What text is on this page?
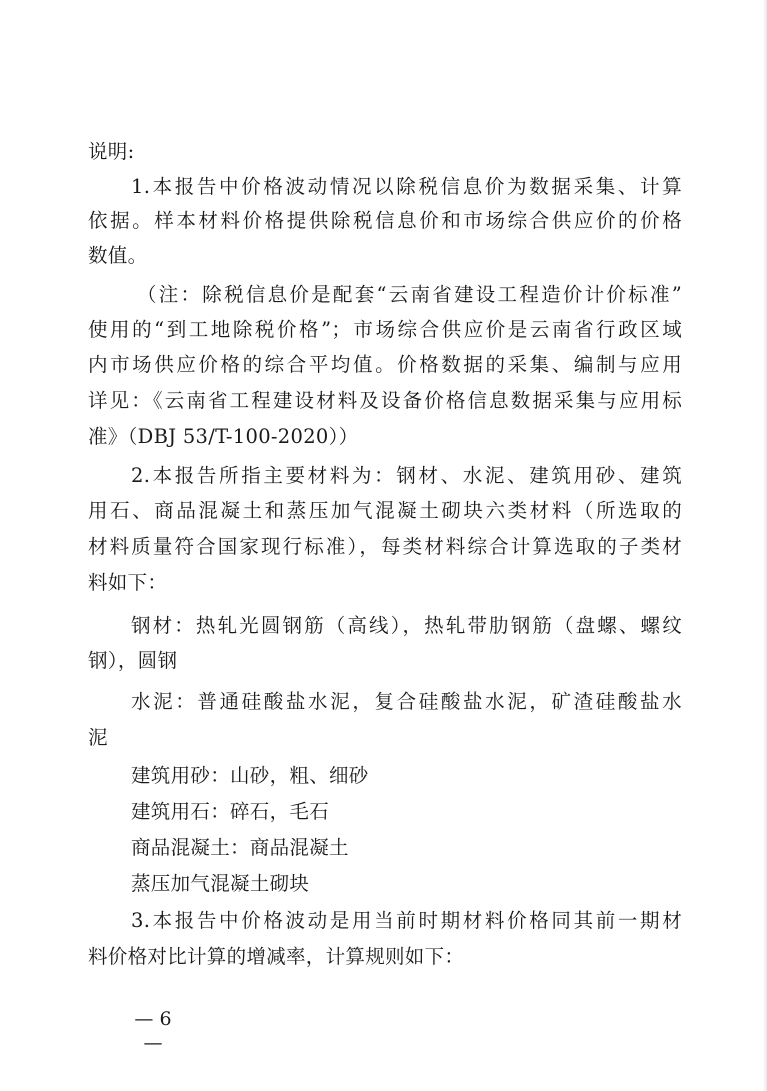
说明:
1.本报告中价格波动情况以除税信息价为数据采集、计算
依据。样本材料价格提供除税信息价和市场综合供应价的价格
数值。
（注：除税信息价是配套“云南省建设工程造价计价标准”
使用的“到工地除税价格”；市场综合供应价是云南省行政区域
内市场供应价格的综合平均值。价格数据的采集、编制与应用
详见：《云南省工程建设材料及设备价格信息数据采集与应用标
准》（DBJ 53/T-100-2020））
2.本报告所指主要材料为：钢材、水泥、建筑用砂、建筑
用石、商品混凝土和蒸压加气混凝土砌块六类材料（所选取的
材料质量符合国家现行标准），每类材料综合计算选取的子类材
料如下：
钢材：热轧光圆钢筋（高线），热轧带肋钢筋（盘螺、螺纹
钢），圆钢
水泥：普通硅酸盐水泥，复合硅酸盐水泥，矿渣硅酸盐水
泥
建筑用砂：山砂，粗、细砂
建筑用石：碎石，毛石
商品混凝土：商品混凝土
蒸压加气混凝土砌块
3.本报告中价格波动是用当前时期材料价格同其前一期材
料价格对比计算的增减率，计算规则如下：
— 6 —
